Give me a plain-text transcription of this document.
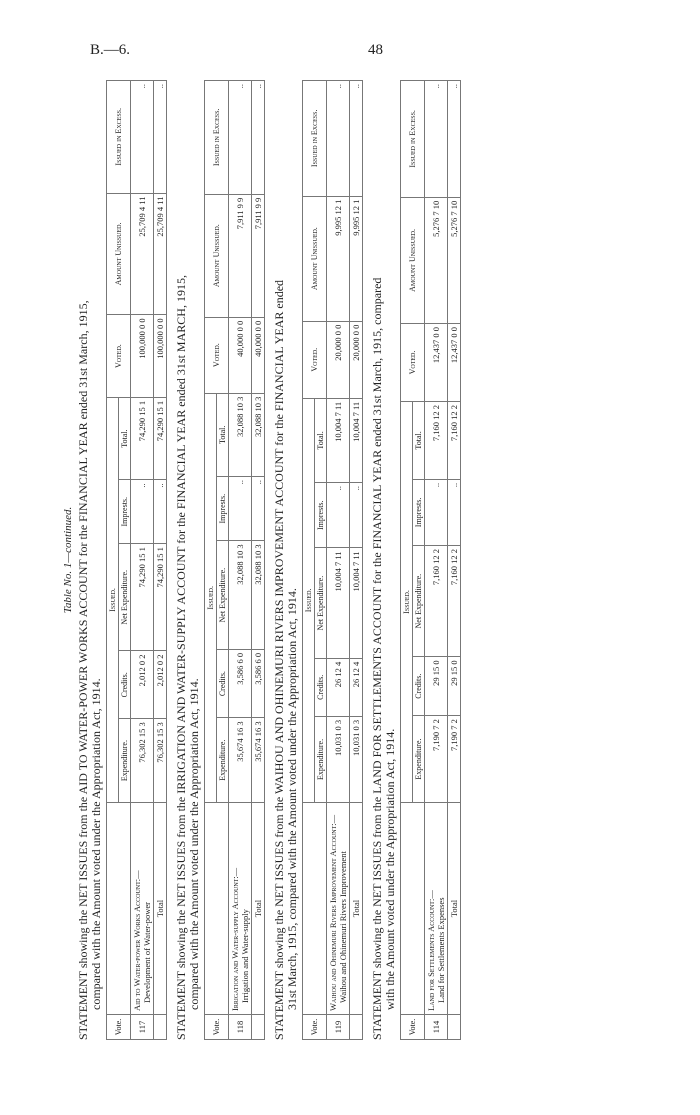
B.—6.	48
Table No. 1—continued. STATEMENT showing the NET ISSUES from the AID TO WATER-POWER WORKS ACCOUNT for the FINANCIAL YEAR ended 31st March, 1915, compared with the Amount voted under the Appropriation Act, 1914.
Vote.		Issued.					Voted.	Amount Unissued.	Issued in Excess.
		Expenditure.	Credits.	Net Expenditure.	Imprests.	Total.			
117	Aid to Water-power Works Account:— Development of Water-power	76,302 15 3	2,012 0 2	74,290 15 1	..	74,290 15 1	100,000 0 0	25,709 4 11	..
	Total	76,302 15 3	2,012 0 2	74,290 15 1	..	74,290 15 1	100,000 0 0	25,709 4 11	..
STATEMENT showing the NET ISSUES from the IRRIGATION AND WATER-SUPPLY ACCOUNT for the FINANCIAL YEAR ended 31st MARCH, 1915, compared with the Amount voted under the Appropriation Act, 1914.
Vote.		Issued.					Voted.	Amount Unissued.	Issued in Excess.
		Expenditure.	Credits.	Net Expenditure.	Imprests.	Total.			
118	Irrigation and Water-supply Account:— Irrigation and Water-supply	35,674 16 3	3,586 6 0	32,088 10 3	..	32,088 10 3	40,000 0 0	7,911 9 9	..
	Total	35,674 16 3	3,586 6 0	32,088 10 3	..	32,088 10 3	40,000 0 0	7,911 9 9	..
STATEMENT showing the NET ISSUES from the WAIHOU AND OHINEMURI RIVERS IMPROVEMENT ACCOUNT for the FINANCIAL YEAR ended 31st March, 1915, compared with the Amount voted under the Appropriation Act, 1914.
Vote.		Issued.					Voted.	Amount Unissued.	Issued in Excess.
		Expenditure.	Credits.	Net Expenditure.	Imprests.	Total.			
119	Waihou and Ohinemuri Rivers Improvement Account:— Waihou and Ohinemuri Rivers Improvement	10,031 0 3	26 12 4	10,004 7 11	..	10,004 7 11	20,000 0 0	9,995 12 1	..
	Total	10,031 0 3	26 12 4	10,004 7 11	..	10,004 7 11	20,000 0 0	9,995 12 1	..
STATEMENT showing the NET ISSUES from the LAND FOR SETTLEMENTS ACCOUNT for the FINANCIAL YEAR ended 31st March, 1915, compared with the Amount voted under the Appropriation Act, 1914.
Vote.		Issued.					Voted.	Amount Unissued.	Issued in Excess.
		Expenditure.	Credits.	Net Expenditure.	Imprests.	Total.			
114	Land for Settlements Account:— Land for Settlements Expenses	7,190 7 2	29 15 0	7,160 12 2	..	7,160 12 2	12,437 0 0	5,276 7 10	..
	Total	7,190 7 2	29 15 0	7,160 12 2	..	7,160 12 2	12,437 0 0	5,276 7 10	..
